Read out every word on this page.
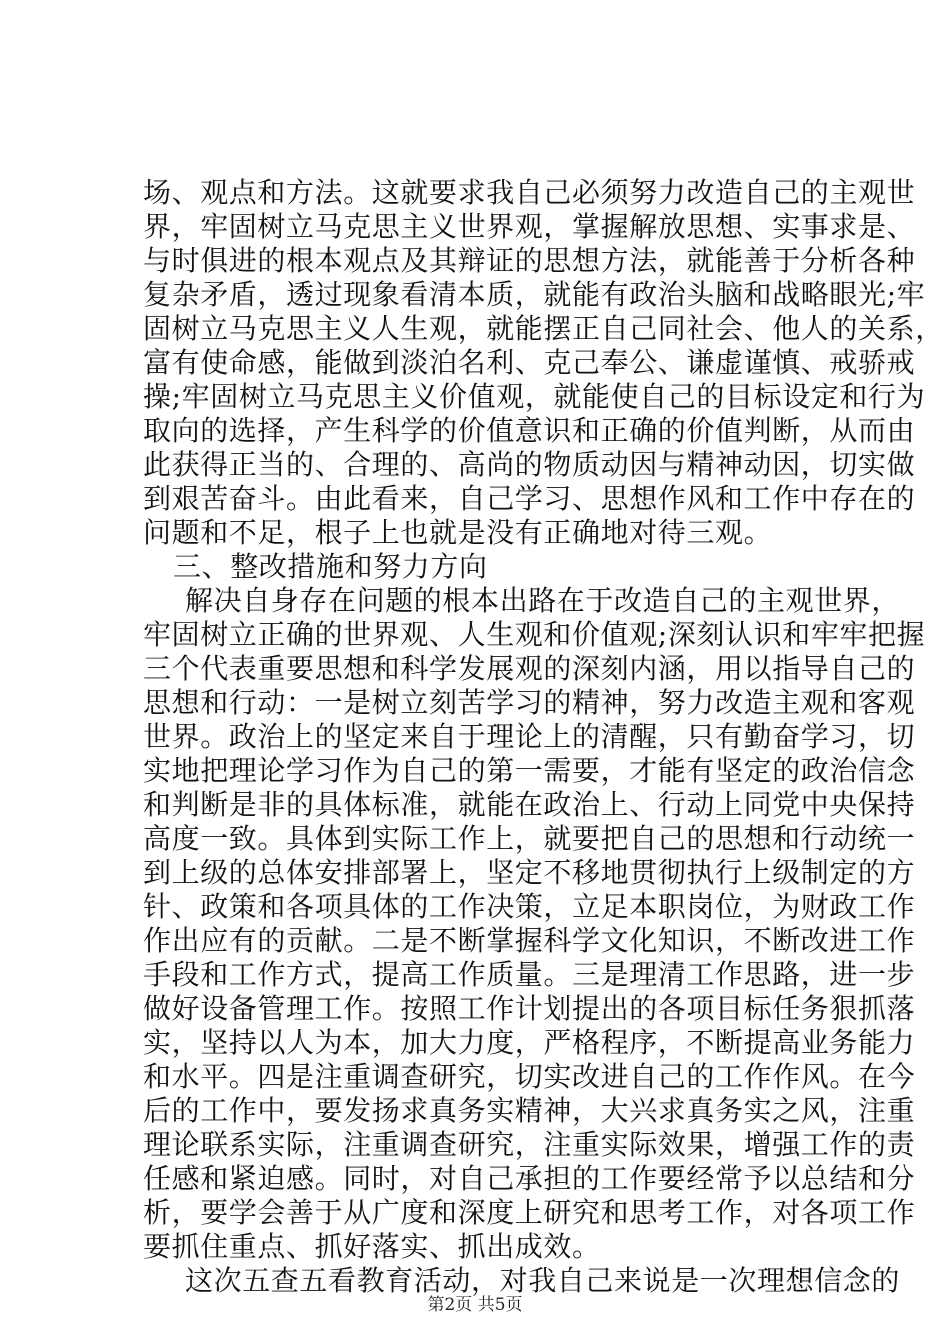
场、观点和方法。这就要求我自己必须努力改造自己的主观世
界，牢固树立马克思主义世界观，掌握解放思想、实事求是、
与时俱进的根本观点及其辩证的思想方法，就能善于分析各种
复杂矛盾，透过现象看清本质，就能有政治头脑和战略眼光;牢
固树立马克思主义人生观，就能摆正自己同社会、他人的关系，
富有使命感，能做到淡泊名利、克己奉公、谦虚谨慎、戒骄戒
操;牢固树立马克思主义价值观，就能使自己的目标设定和行为
取向的选择，产生科学的价值意识和正确的价值判断，从而由
此获得正当的、合理的、高尚的物质动因与精神动因，切实做
到艰苦奋斗。由此看来，自己学习、思想作风和工作中存在的
问题和不足，根子上也就是没有正确地对待三观。
三、整改措施和努力方向
解决自身存在问题的根本出路在于改造自己的主观世界，
牢固树立正确的世界观、人生观和价值观;深刻认识和牢牢把握
三个代表重要思想和科学发展观的深刻内涵，用以指导自己的
思想和行动：一是树立刻苦学习的精神，努力改造主观和客观
世界。政治上的坚定来自于理论上的清醒，只有勤奋学习，切
实地把理论学习作为自己的第一需要，才能有坚定的政治信念
和判断是非的具体标准，就能在政治上、行动上同党中央保持
高度一致。具体到实际工作上，就要把自己的思想和行动统一
到上级的总体安排部署上，坚定不移地贯彻执行上级制定的方
针、政策和各项具体的工作决策，立足本职岗位，为财政工作
作出应有的贡献。二是不断掌握科学文化知识，不断改进工作
手段和工作方式，提高工作质量。三是理清工作思路，进一步
做好设备管理工作。按照工作计划提出的各项目标任务狠抓落
实，坚持以人为本，加大力度，严格程序，不断提高业务能力
和水平。四是注重调查研究，切实改进自己的工作作风。在今
后的工作中，要发扬求真务实精神，大兴求真务实之风，注重
理论联系实际，注重调查研究，注重实际效果，增强工作的责
任感和紧迫感。同时，对自己承担的工作要经常予以总结和分
析，要学会善于从广度和深度上研究和思考工作，对各项工作
要抓住重点、抓好落实、抓出成效。
这次五查五看教育活动，对我自己来说是一次理想信念的
第2页 共5页
